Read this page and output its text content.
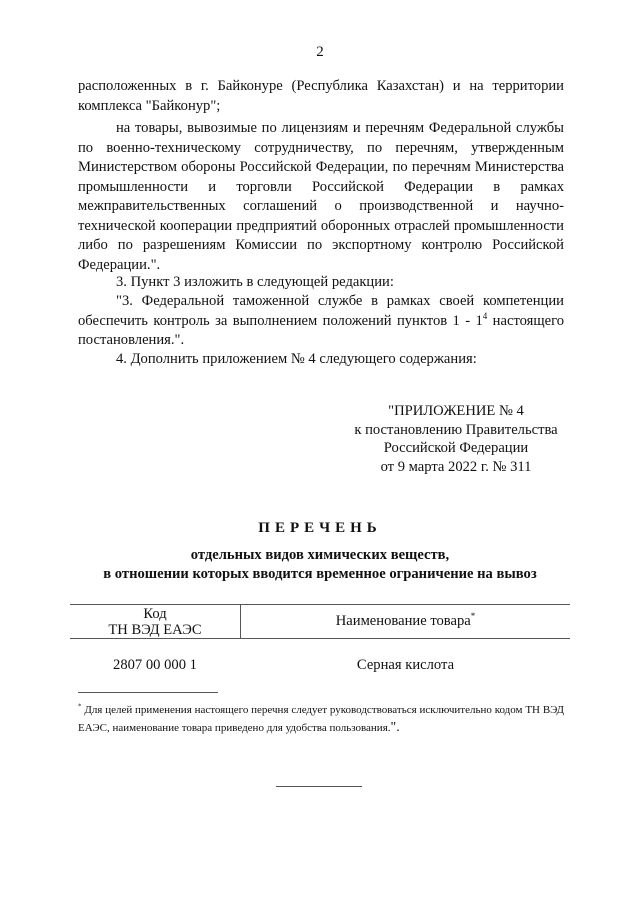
2

расположенных в г. Байконуре (Республика Казахстан) и на территории комплекса "Байконур";

на товары, вывозимые по лицензиям и перечням Федеральной службы по военно-техническому сотрудничеству, по перечням, утвержденным Министерством обороны Российской Федерации, по перечням Министерства промышленности и торговли Российской Федерации в рамках межправительственных соглашений о производственной и научно-технической кооперации предприятий оборонных отраслей промышленности либо по разрешениям Комиссии по экспортному контролю Российской Федерации.".

3. Пункт 3 изложить в следующей редакции:

"3. Федеральной таможенной службе в рамках своей компетенции обеспечить контроль за выполнением положений пунктов $1 - 1^4$ настоящего постановления.".

4. Дополнить приложением № 4 следующего содержания:

"ПРИЛОЖЕНИЕ № 4
к постановлению Правительства
Российской Федерации
от 9 марта 2022 г. № 311
ПЕРЕЧЕНЬ
отдельных видов химических веществ,
в отношении которых вводится временное ограничение на вывоз
Код
ТН ВЭД ЕАЭС
Наименование товара*
2807 00 000 1	Серная кислота

* Для целей применения настоящего перечня следует руководствоваться исключительно кодом ТН ВЭД ЕАЭС, наименование товара приведено для удобства пользования.".
